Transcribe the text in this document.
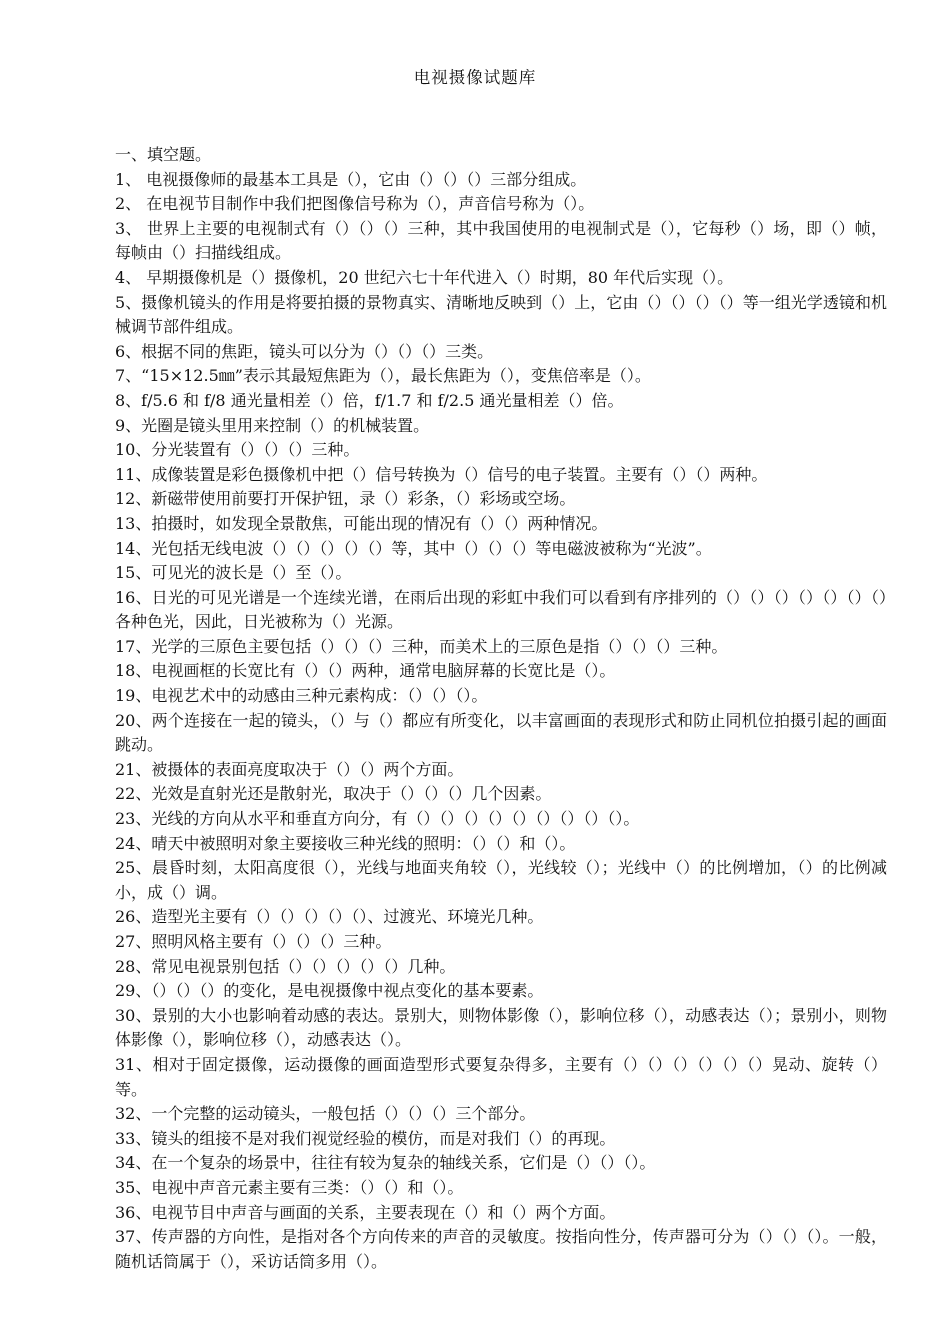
电视摄像试题库
一、填空题。
1、 电视摄像师的最基本工具是（），它由（）（）（）三部分组成。
2、 在电视节目制作中我们把图像信号称为（），声音信号称为（）。
3、 世界上主要的电视制式有（）（）（）三种，其中我国使用的电视制式是（），它每秒（）场，即（）帧，每帧由（）扫描线组成。
4、 早期摄像机是（）摄像机，20 世纪六七十年代进入（）时期，80 年代后实现（）。
5、摄像机镜头的作用是将要拍摄的景物真实、清晰地反映到（）上，它由（）（）（）（）等一组光学透镜和机械调节部件组成。
6、根据不同的焦距，镜头可以分为（）（）（）三类。
7、“15×12.5㎜”表示其最短焦距为（），最长焦距为（），变焦倍率是（）。
8、f/5.6 和 f/8 通光量相差（）倍，f/1.7 和 f/2.5 通光量相差（）倍。
9、光圈是镜头里用来控制（）的机械装置。
10、分光装置有（）（）（）三种。
11、成像装置是彩色摄像机中把（）信号转换为（）信号的电子装置。主要有（）（）两种。
12、新磁带使用前要打开保护钮，录（）彩条，（）彩场或空场。
13、拍摄时，如发现全景散焦，可能出现的情况有（）（）两种情况。
14、光包括无线电波（）（）（）（）（）等，其中（）（）（）等电磁波被称为“光波”。
15、可见光的波长是（）至（）。
16、日光的可见光谱是一个连续光谱，在雨后出现的彩虹中我们可以看到有序排列的（）（）（）（）（）（）（）各种色光，因此，日光被称为（）光源。
17、光学的三原色主要包括（）（）（）三种，而美术上的三原色是指（）（）（）三种。
18、电视画框的长宽比有（）（）两种，通常电脑屏幕的长宽比是（）。
19、电视艺术中的动感由三种元素构成：（）（）（）。
20、两个连接在一起的镜头，（）与（）都应有所变化，以丰富画面的表现形式和防止同机位拍摄引起的画面跳动。
21、被摄体的表面亮度取决于（）（）两个方面。
22、光效是直射光还是散射光，取决于（）（）（）几个因素。
23、光线的方向从水平和垂直方向分，有（）（）（）（）（）（）（）（）（）。
24、晴天中被照明对象主要接收三种光线的照明：（）（）和（）。
25、晨昏时刻，太阳高度很（），光线与地面夹角较（），光线较（）；光线中（）的比例增加，（）的比例减小，成（）调。
26、造型光主要有（）（）（）（）（）、过渡光、环境光几种。
27、照明风格主要有（）（）（）三种。
28、常见电视景别包括（）（）（）（）（）几种。
29、（）（）（）的变化，是电视摄像中视点变化的基本要素。
30、景别的大小也影响着动感的表达。景别大，则物体影像（），影响位移（），动感表达（）；景别小，则物体影像（），影响位移（），动感表达（）。
31、相对于固定摄像，运动摄像的画面造型形式要复杂得多，主要有（）（）（）（）（）（）晃动、旋转（）等。
32、一个完整的运动镜头，一般包括（）（）（）三个部分。
33、镜头的组接不是对我们视觉经验的模仿，而是对我们（）的再现。
34、在一个复杂的场景中，往往有较为复杂的轴线关系，它们是（）（）（）。
35、电视中声音元素主要有三类：（）（）和（）。
36、电视节目中声音与画面的关系，主要表现在（）和（）两个方面。
37、传声器的方向性，是指对各个方向传来的声音的灵敏度。按指向性分，传声器可分为（）（）（）。一般，随机话筒属于（），采访话筒多用（）。
